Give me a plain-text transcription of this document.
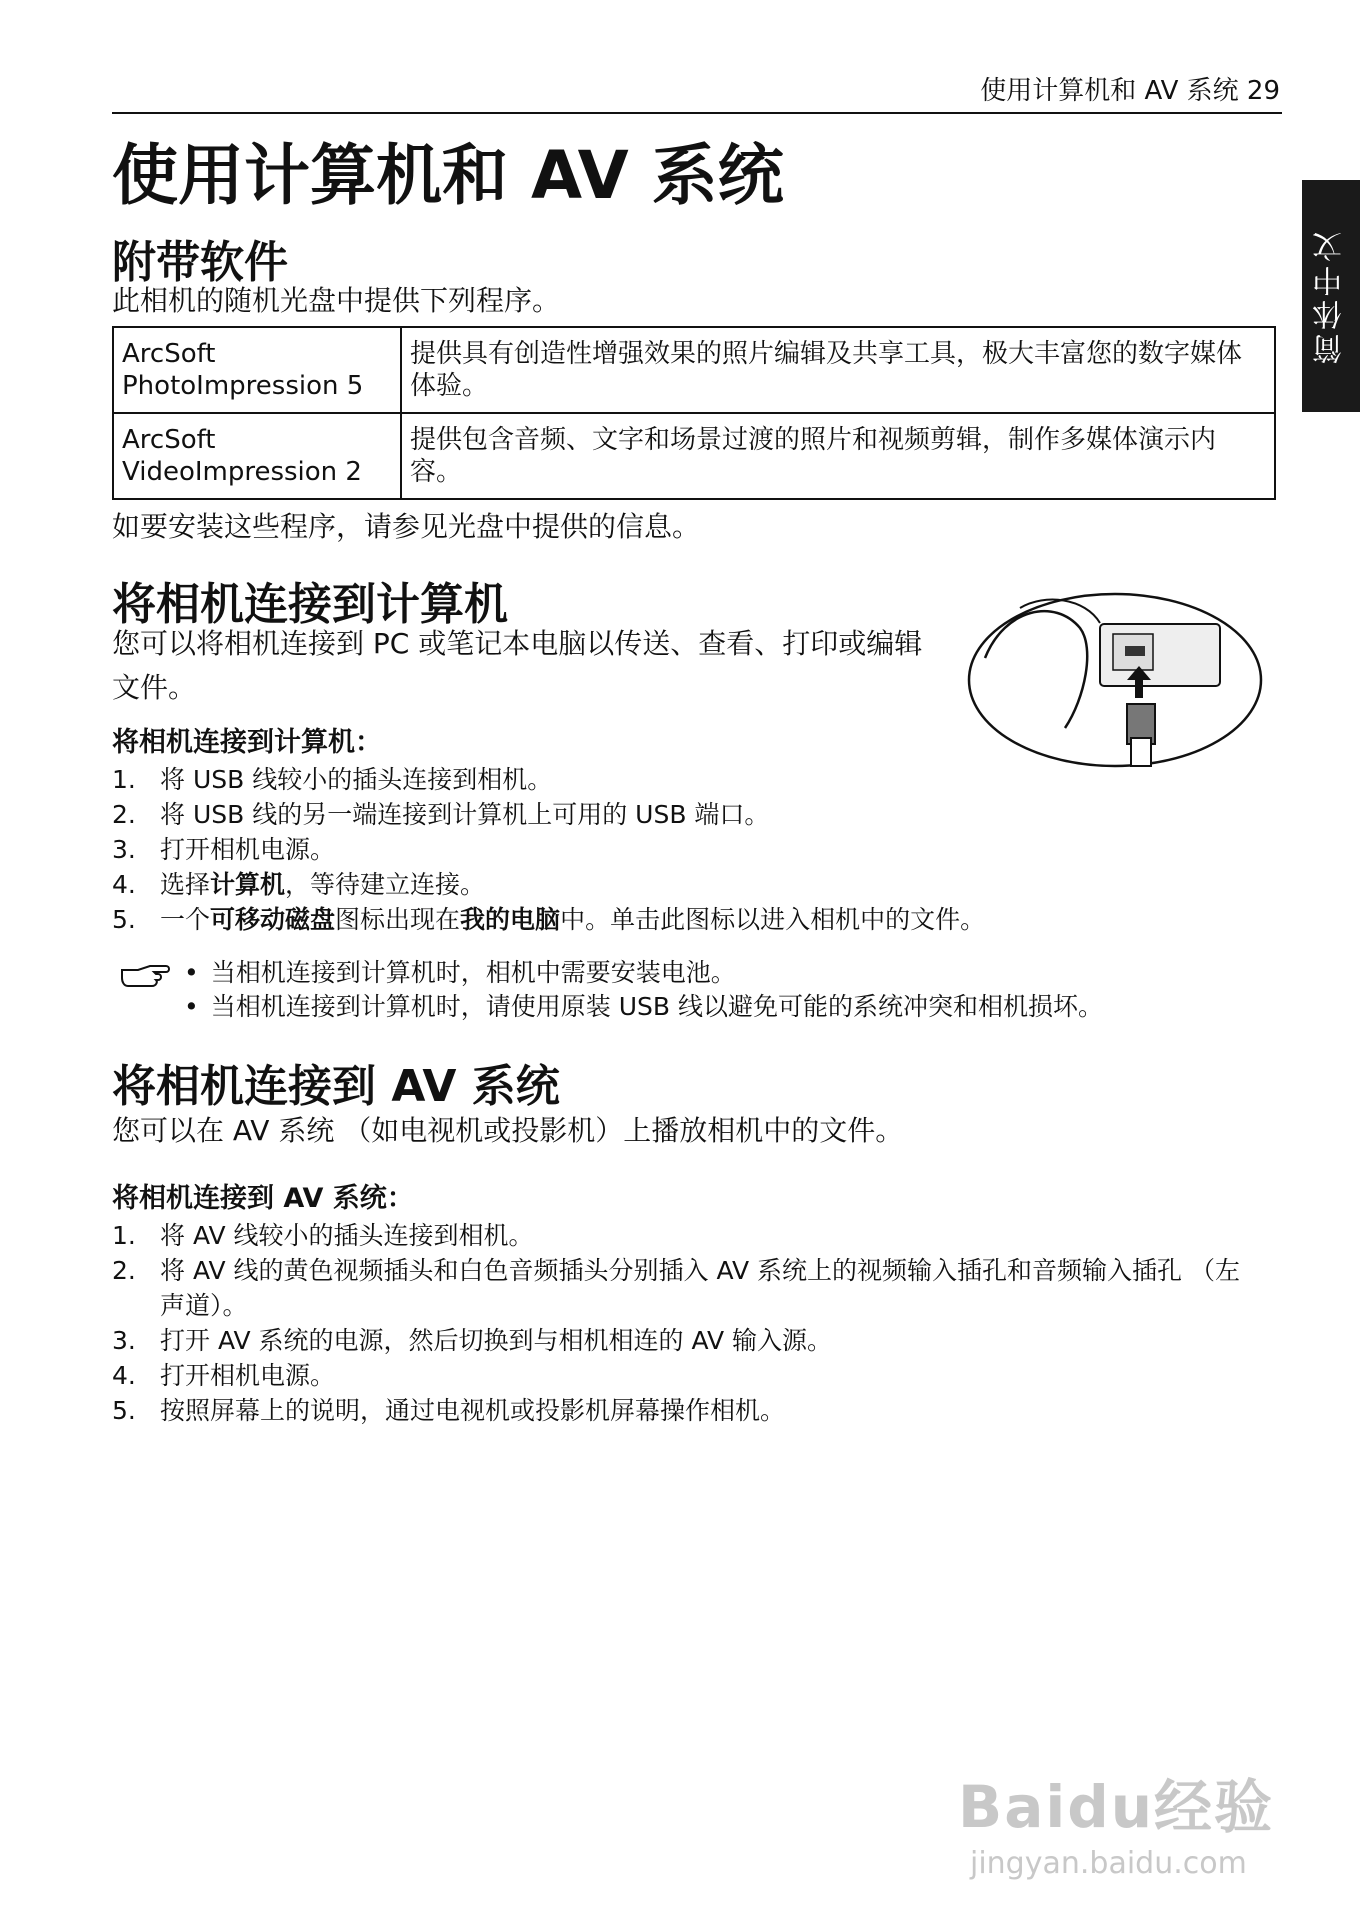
使用计算机和 AV 系统 29
简体中文
使用计算机和 AV 系统
附带软件
此相机的随机光盘中提供下列程序。
ArcSoft
PhotoImpression 5	提供具有创造性增强效果的照片编辑及共享工具，极大丰富您的数字媒体体验。
ArcSoft
VideoImpression 2	提供包含音频、文字和场景过渡的照片和视频剪辑，制作多媒体演示内容。
如要安装这些程序，请参见光盘中提供的信息。
将相机连接到计算机
您可以将相机连接到 PC 或笔记本电脑以传送、查看、打印或编辑文件。
将相机连接到计算机：
1. 将 USB 线较小的插头连接到相机。
2. 将 USB 线的另一端连接到计算机上可用的 USB 端口。
3. 打开相机电源。
4. 选择计算机，等待建立连接。
5. 一个可移动磁盘图标出现在我的电脑中。单击此图标以进入相机中的文件。
• 当相机连接到计算机时，相机中需要安装电池。
• 当相机连接到计算机时，请使用原装 USB 线以避免可能的系统冲突和相机损坏。
将相机连接到 AV 系统
您可以在 AV 系统 （如电视机或投影机）上播放相机中的文件。
将相机连接到 AV 系统：
1. 将 AV 线较小的插头连接到相机。
2. 将 AV 线的黄色视频插头和白色音频插头分别插入 AV 系统上的视频输入插孔和音频输入插孔 （左声道）。
3. 打开 AV 系统的电源，然后切换到与相机相连的 AV 输入源。
4. 打开相机电源。
5. 按照屏幕上的说明，通过电视机或投影机屏幕操作相机。
Baidu经验
jingyan.baidu.com
